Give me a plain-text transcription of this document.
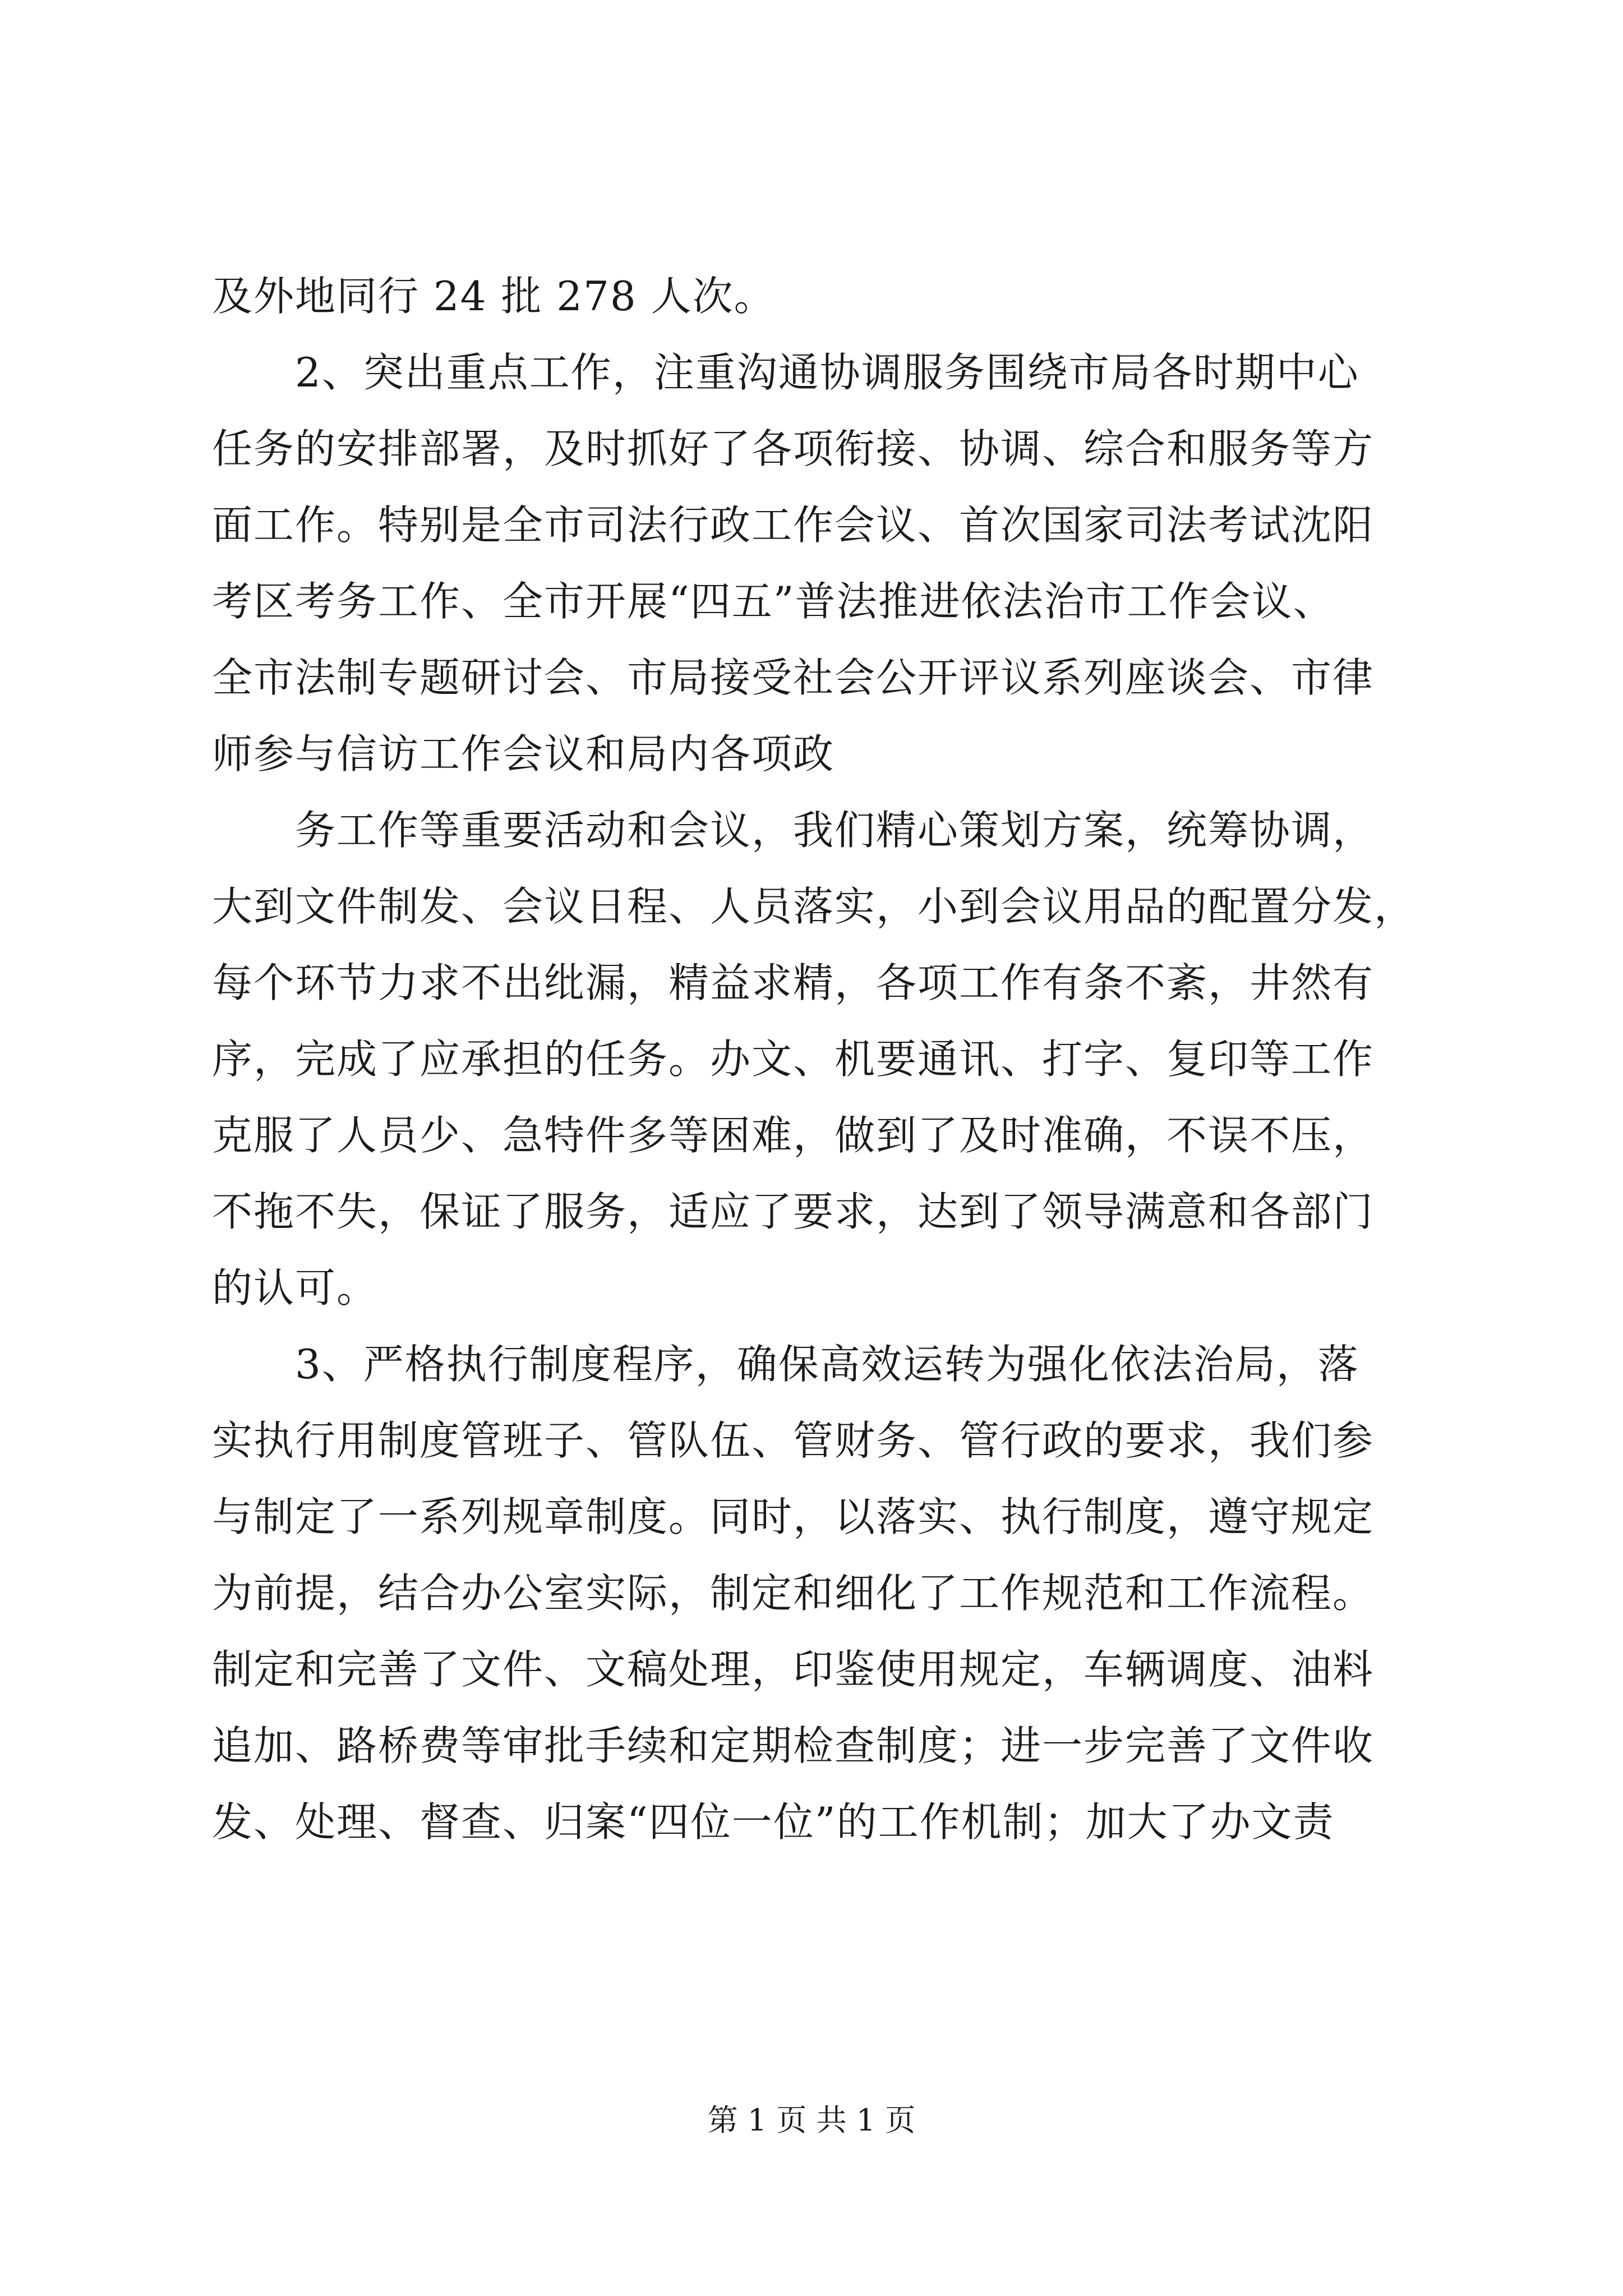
及外地同行 24 批 278 人次。
　　2、突出重点工作，注重沟通协调服务围绕市局各时期中心
任务的安排部署，及时抓好了各项衔接、协调、综合和服务等方
面工作。特别是全市司法行政工作会议、首次国家司法考试沈阳
考区考务工作、全市开展“四五”普法推进依法治市工作会议、
全市法制专题研讨会、市局接受社会公开评议系列座谈会、市律
师参与信访工作会议和局内各项政
　　务工作等重要活动和会议，我们精心策划方案，统筹协调，
大到文件制发、会议日程、人员落实，小到会议用品的配置分发，
每个环节力求不出纰漏，精益求精，各项工作有条不紊，井然有
序，完成了应承担的任务。办文、机要通讯、打字、复印等工作
克服了人员少、急特件多等困难，做到了及时准确，不误不压，
不拖不失，保证了服务，适应了要求，达到了领导满意和各部门
的认可。
　　3、严格执行制度程序，确保高效运转为强化依法治局，落
实执行用制度管班子、管队伍、管财务、管行政的要求，我们参
与制定了一系列规章制度。同时，以落实、执行制度，遵守规定
为前提，结合办公室实际，制定和细化了工作规范和工作流程。
制定和完善了文件、文稿处理，印鉴使用规定，车辆调度、油料
追加、路桥费等审批手续和定期检查制度；进一步完善了文件收
发、处理、督查、归案“四位一位”的工作机制；加大了办文责
第 1 页 共 1 页
